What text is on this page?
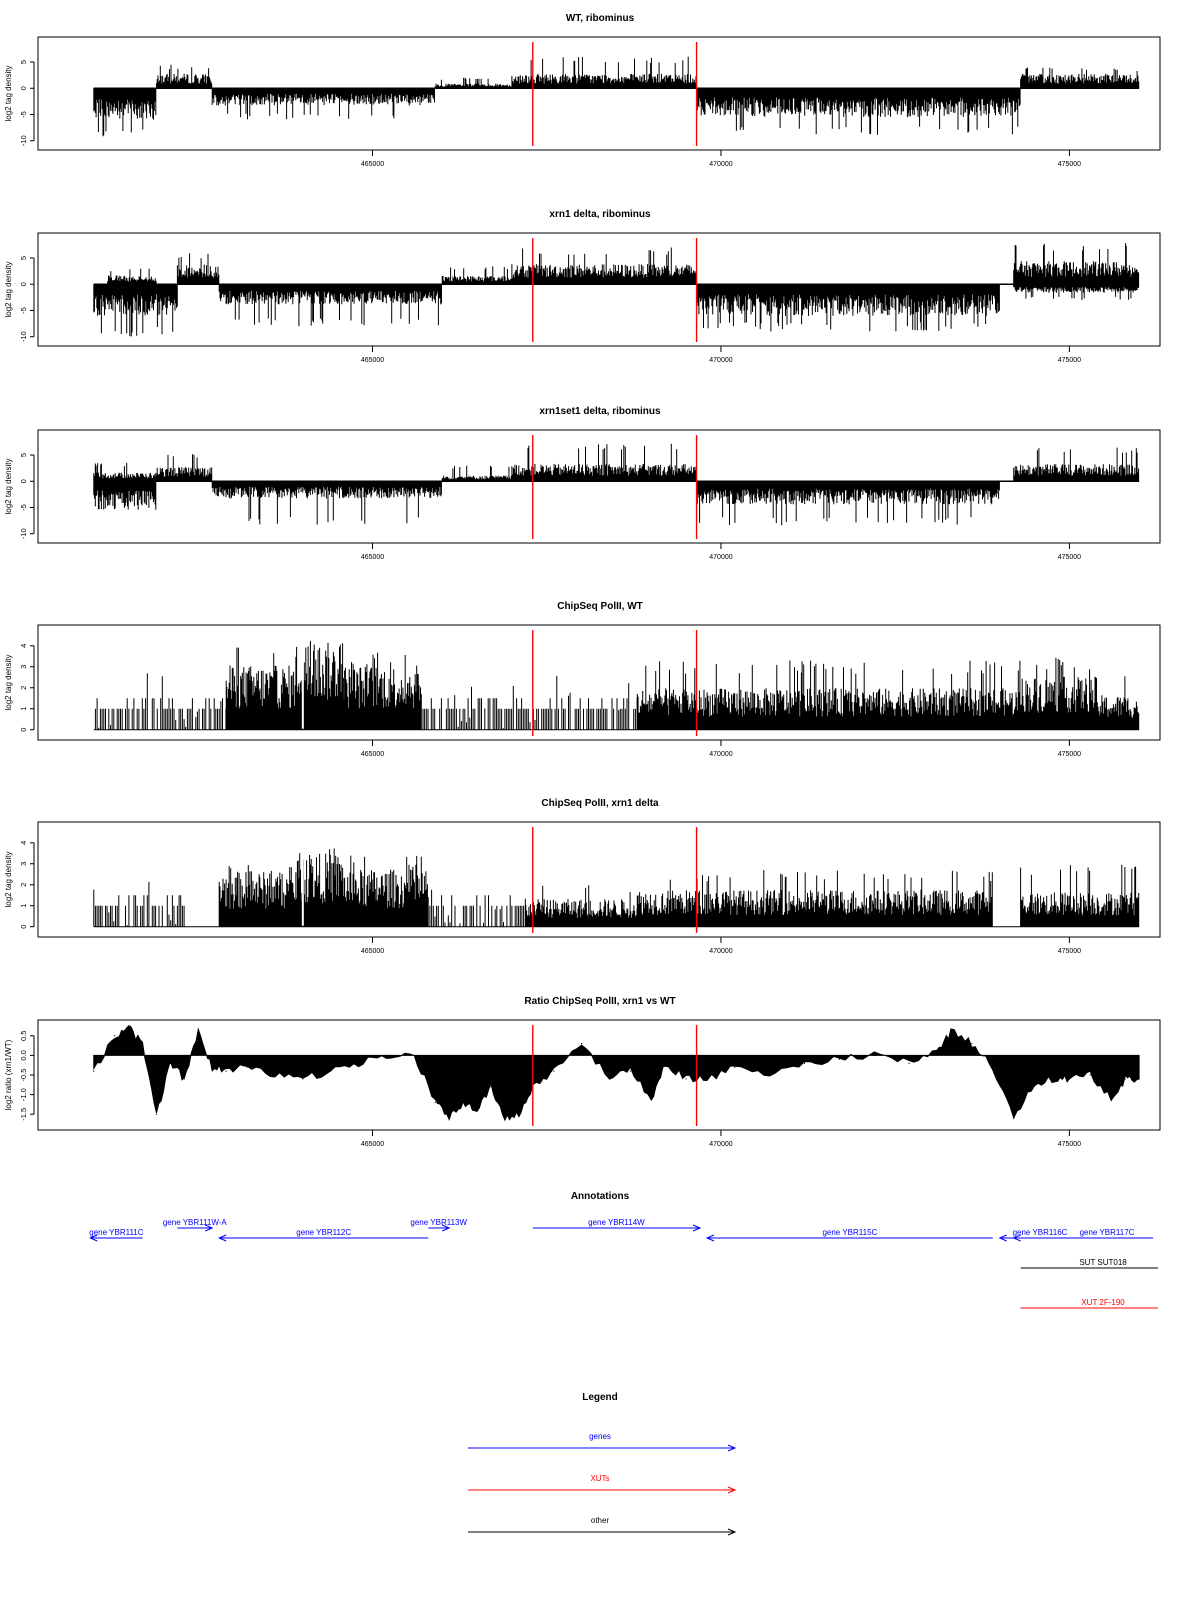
WT, ribominus
log2 tag density
-10
-5
0
5
465000	470000	475000
xrn1 delta, ribominus
log2 tag density
-10
-5
0
5
465000	470000	475000
xrn1set1 delta, ribominus
log2 tag density
-10
-5
0
5
465000	470000	475000
ChipSeq PolII, WT
log2 tag density
0
1
2
3
4
465000	470000	475000
ChipSeq PolII, xrn1 delta
log2 tag density
0
1
2
3
4
465000	470000	475000
Ratio ChipSeq PolII, xrn1 vs WT
log2 ratio (xrn1/WT)
-1.5
-1.0
-0.5
0.0
0.5
465000	470000	475000
Annotations
gene YBR111C
gene YBR111W-A
gene YBR112C
gene YBR113W	gene YBR114W
gene YBR115C	gene YBR116C gene YBR117C
SUT SUT018
XUT 2F-190
Legend
genes
XUTs
other
